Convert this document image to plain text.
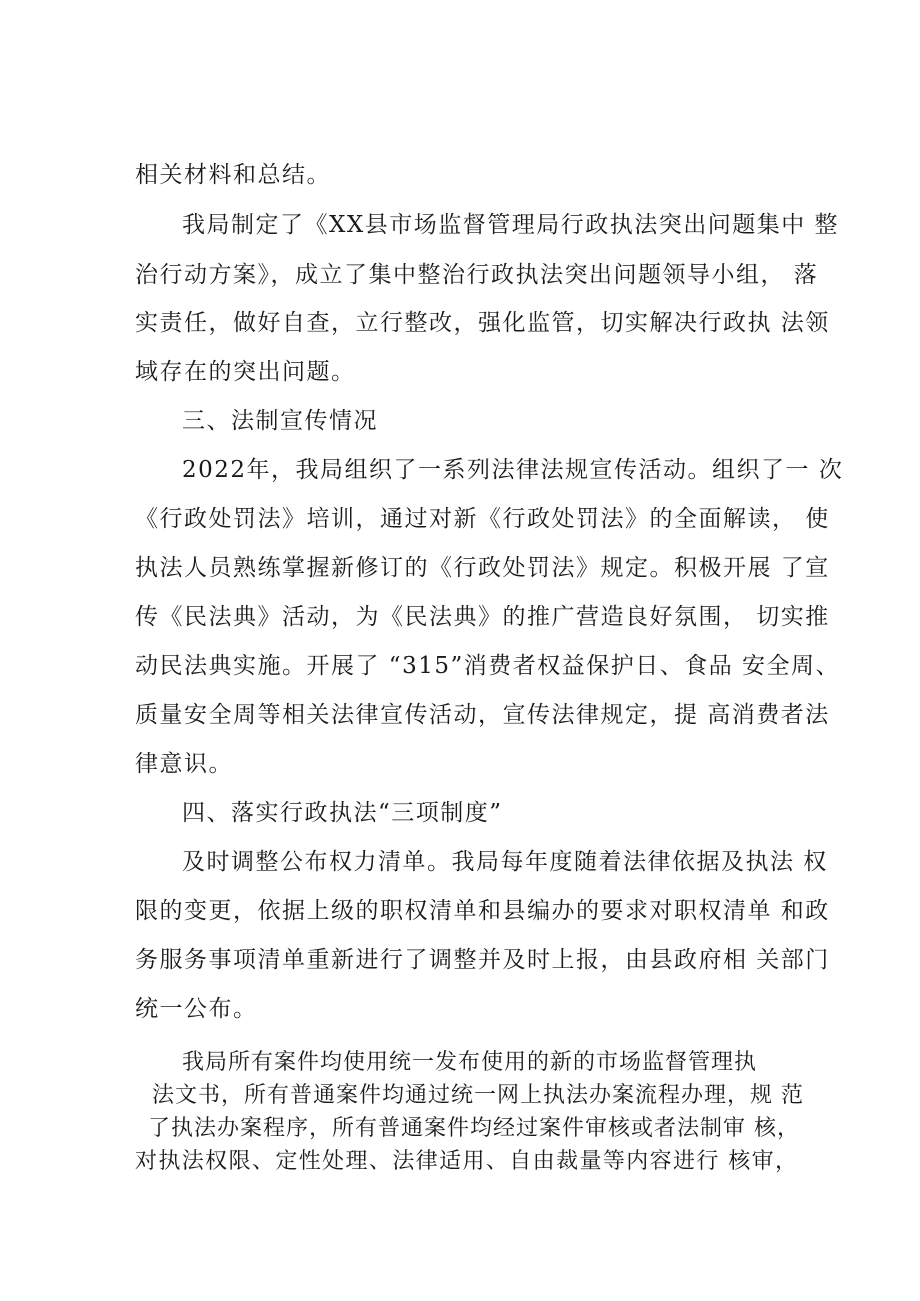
相关材料和总结。
我局制定了《XX县市场监督管理局行政执法突出问题集中 整
治行动方案》，成立了集中整治行政执法突出问题领导小组， 落
实责任，做好自查，立行整改，强化监管，切实解决行政执 法领
域存在的突出问题。
三、法制宣传情况
2022年，我局组织了一系列法律法规宣传活动。组织了一 次
《行政处罚法》培训，通过对新《行政处罚法》的全面解读， 使
执法人员熟练掌握新修订的《行政处罚法》规定。积极开展 了宣
传《民法典》活动，为《民法典》的推广营造良好氛围， 切实推
动民法典实施。开展了 “315”消费者权益保护日、食品 安全周、
质量安全周等相关法律宣传活动，宣传法律规定，提 高消费者法
律意识。
四、落实行政执法“三项制度”
及时调整公布权力清单。我局每年度随着法律依据及执法 权
限的变更，依据上级的职权清单和县编办的要求对职权清单 和政
务服务事项清单重新进行了调整并及时上报，由县政府相 关部门
统一公布。
我局所有案件均使用统一发布使用的新的市场监督管理执
法文书，所有普通案件均通过统一网上执法办案流程办理，规 范
了执法办案程序，所有普通案件均经过案件审核或者法制审 核，
对执法权限、定性处理、法律适用、自由裁量等内容进行 核审，
